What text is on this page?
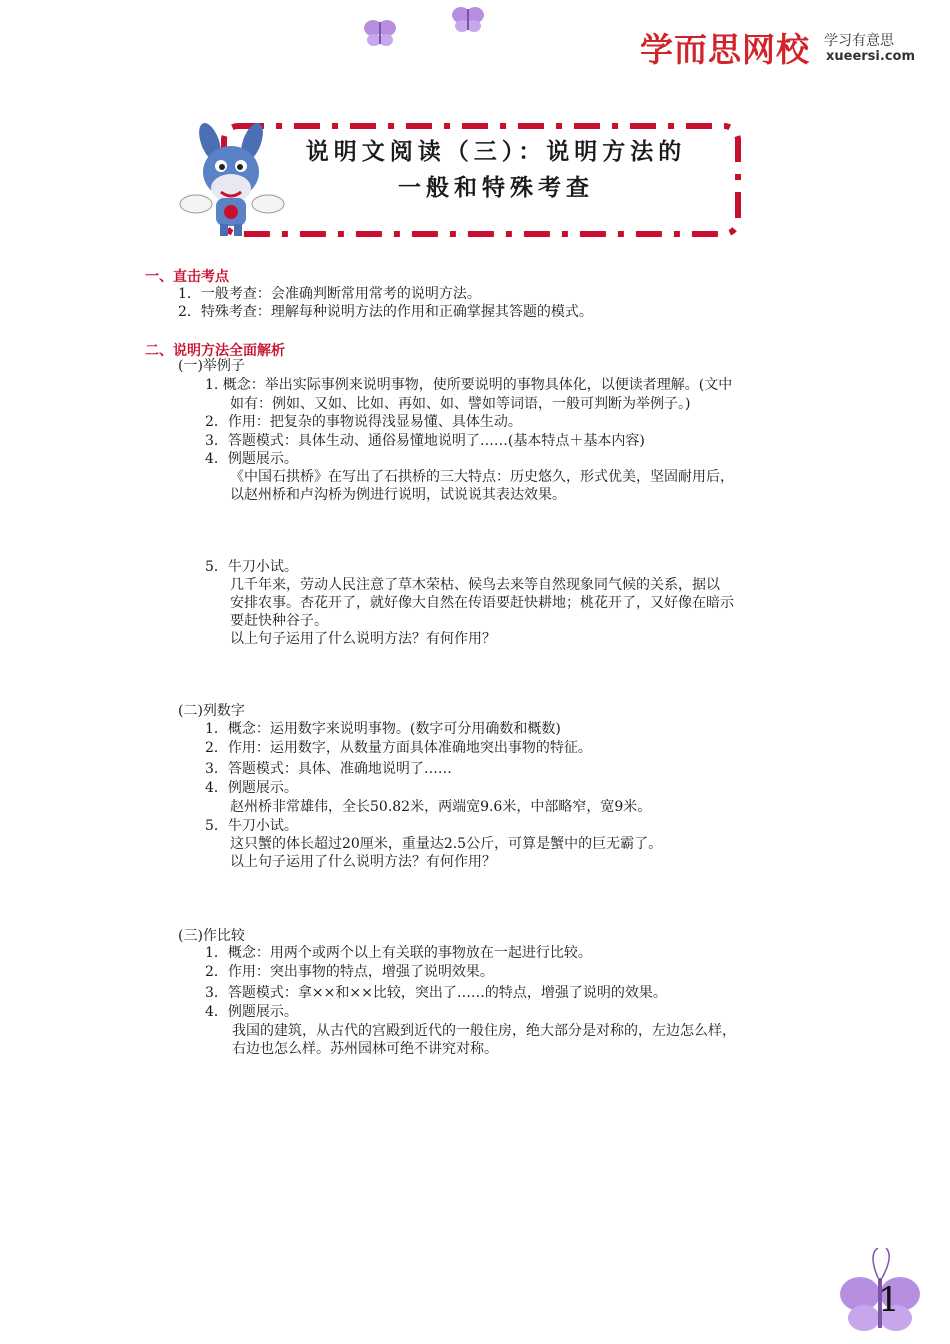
学而思网校 学习有意思
xueersi.com
说明文阅读（三）：说明方法的
一般和特殊考查
一、直击考点
1．一般考查：会准确判断常用常考的说明方法。
2．特殊考查：理解每种说明方法的作用和正确掌握其答题的模式。
二、说明方法全面解析
(一)举例子
1. 概念：举出实际事例来说明事物，使所要说明的事物具体化，以便读者理解。(文中
如有：例如、又如、比如、再如、如、譬如等词语，一般可判断为举例子。)
2．作用：把复杂的事物说得浅显易懂、具体生动。
3．答题模式：具体生动、通俗易懂地说明了……(基本特点＋基本内容)
4．例题展示。
《中国石拱桥》在写出了石拱桥的三大特点：历史悠久，形式优美，坚固耐用后，
以赵州桥和卢沟桥为例进行说明，试说说其表达效果。
5．牛刀小试。
几千年来，劳动人民注意了草木荣枯、候鸟去来等自然现象同气候的关系，据以
安排农事。杏花开了，就好像大自然在传语要赶快耕地；桃花开了，又好像在暗示
要赶快种谷子。
以上句子运用了什么说明方法？有何作用？
(二)列数字
1．概念：运用数字来说明事物。(数字可分用确数和概数)
2．作用：运用数字，从数量方面具体准确地突出事物的特征。
3．答题模式：具体、准确地说明了……
4．例题展示。
赵州桥非常雄伟，全长50.82米，两端宽9.6米，中部略窄，宽9米。
5．牛刀小试。
这只蟹的体长超过20厘米，重量达2.5公斤，可算是蟹中的巨无霸了。
以上句子运用了什么说明方法？有何作用？
(三)作比较
1．概念：用两个或两个以上有关联的事物放在一起进行比较。
2．作用：突出事物的特点，增强了说明效果。
3．答题模式：拿××和××比较，突出了……的特点，增强了说明的效果。
4．例题展示。
我国的建筑，从古代的宫殿到近代的一般住房，绝大部分是对称的，左边怎么样，
右边也怎么样。苏州园林可绝不讲究对称。
1
